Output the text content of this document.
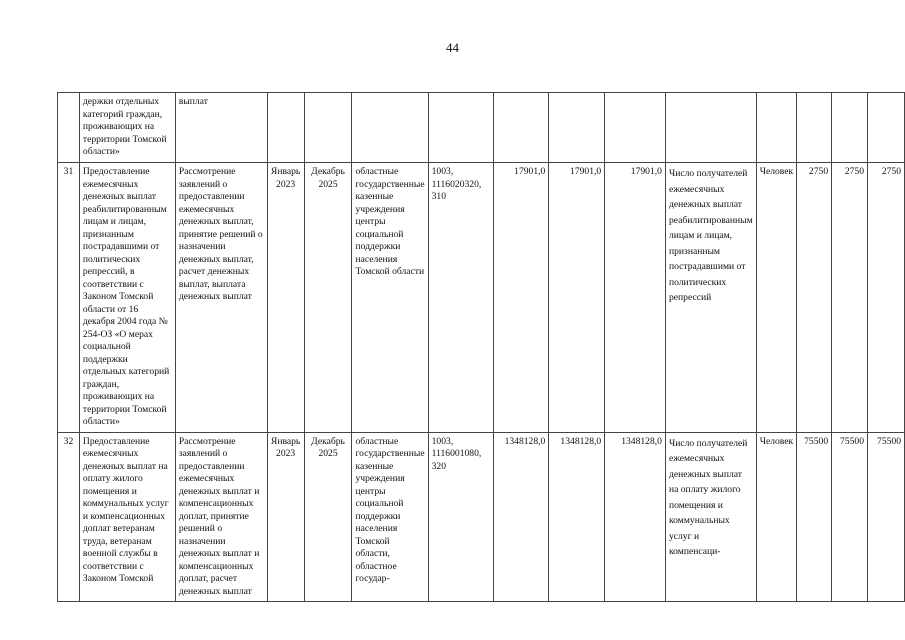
44
	держки отдельных категорий граждан, проживающих на территории Томской области»	выплат												
31	Предоставление ежемесячных денежных выплат реабилитированным лицам и лицам, признанным пострадавшими от политических репрессий, в соответствии с Законом Томской области от 16 декабря 2004 года № 254-ОЗ «О мерах социальной поддержки отдельных категорий граждан, проживающих на территории Томской области»	Рассмотрение заявлений о предоставлении ежемесячных денежных выплат, принятие решений о назначении денежных выплат, расчет денежных выплат, выплата денежных выплат	Январь 2023	Декабрь 2025	областные государственные казенные учреждения центры социальной поддержки населения Томской области	1003, 1116020320, 310	17901,0	17901,0	17901,0	Число получателей ежемесячных денежных выплат реабилитированным лицам и лицам, признанным пострадавшими от политических репрессий	Человек	2750	2750	2750
32	Предоставление ежемесячных денежных выплат на оплату жилого помещения и коммунальных услуг и компенсационных доплат ветеранам труда, ветеранам военной службы в соответствии с Законом Томской	Рассмотрение заявлений о предоставлении ежемесячных денежных выплат и компенсационных доплат, принятие решений о назначении денежных выплат и компенсационных доплат, расчет денежных выплат	Январь 2023	Декабрь 2025	областные государственные казенные учреждения центры социальной поддержки населения Томской области, областное государ-	1003, 1116001080, 320	1348128,0	1348128,0	1348128,0	Число получателей ежемесячных денежных выплат на оплату жилого помещения и коммунальных услуг и компенсаци-	Человек	75500	75500	75500
